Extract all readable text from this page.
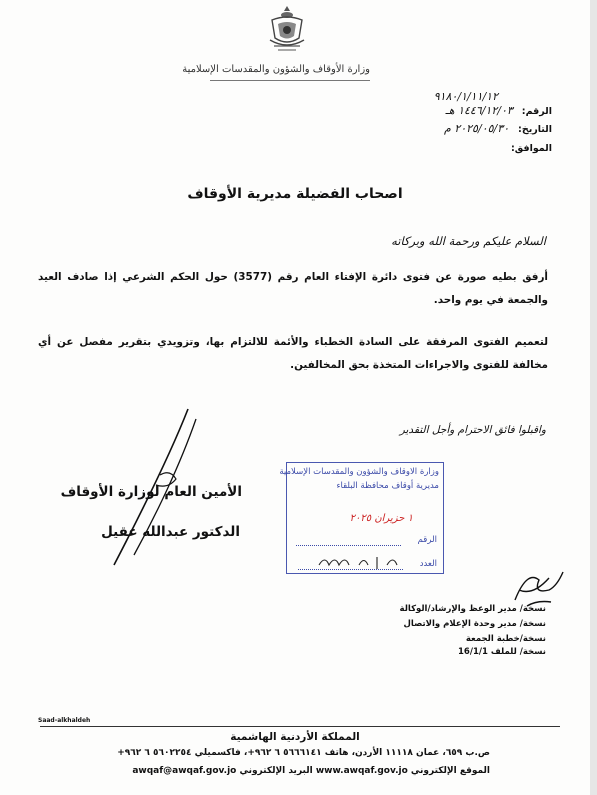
وزارة الأوقاف والشؤون والمقدسات الإسلامية
٩١٨٠/١/١١/١٢
الرقم: ١٤٤٦/١٢/٠٣ هـ
التاريخ: ٢٠٢٥/٠٥/٣٠ م
الموافق:
اصحاب الفضيلة مديرية الأوقاف
السلام عليكم ورحمة الله وبركاته
أرفق بطيه صورة عن فتوى دائرة الإفتاء العام رقم (3577) حول الحكم الشرعي إذا صادف العيد والجمعة في يوم واحد.
لتعميم الفتوى المرفقة على السادة الخطباء والأئمة للالتزام بها، وتزويدي بتقرير مفصل عن أي مخالفة للفتوى والاجراءات المتخذة بحق المخالفين.
واقبلوا فائق الاحترام وأجل التقدير
الأمين العام لوزارة الأوقاف
الدكتور عبدالله عقيل
وزارة الاوقاف والشؤون والمقدسات الإسلامية
مديرية أوقاف محافظة البلقاء
١ حزيران ٢٠٢٥
الرقم
العدد
نسخة/ مدير الوعظ والإرشاد/الوكالة
نسخة/ مدير وحدة الإعلام والاتصال
نسخة/خطبة الجمعة
نسخة/ للملف 16/1/1
Saad-alkhaldeh
المملكة الأردنية الهاشمية
ص.ب ٦٥٩، عمان ١١١١٨ الأردن، هاتف ٥٦٦٦١٤١ ٦ ٩٦٢+، فاكسميلي ٥٦٠٢٢٥٤ ٦ ٩٦٢+
الموقع الإلكتروني www.awqaf.gov.jo البريد الإلكتروني awqaf@awqaf.gov.jo
